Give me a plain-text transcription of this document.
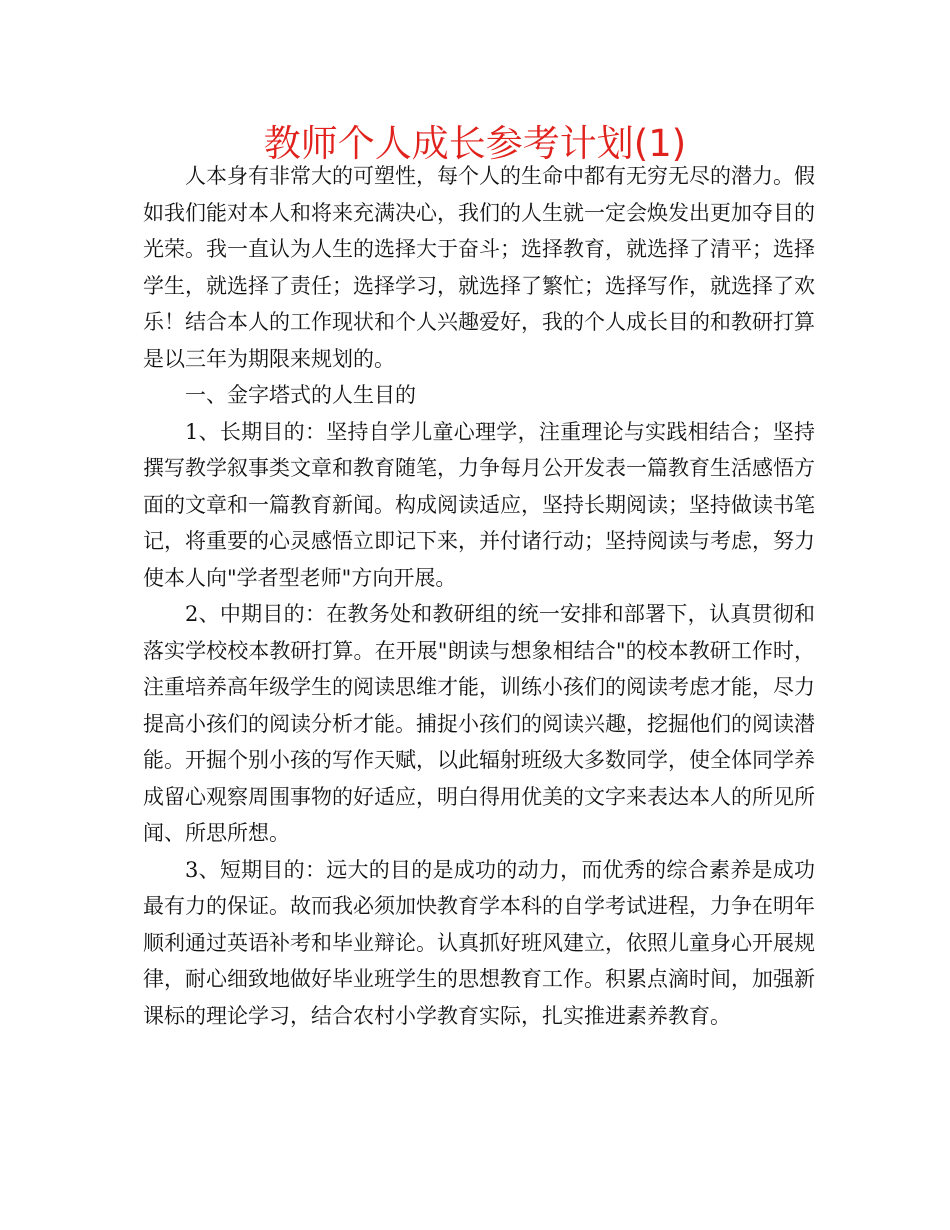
教师个人成长参考计划(1)

人本身有非常大的可塑性，每个人的生命中都有无穷无尽的潜力。假如我们能对本人和将来充满决心，我们的人生就一定会焕发出更加夺目的光荣。我一直认为人生的选择大于奋斗；选择教育，就选择了清平；选择学生，就选择了责任；选择学习，就选择了繁忙；选择写作，就选择了欢乐！结合本人的工作现状和个人兴趣爱好，我的个人成长目的和教研打算是以三年为期限来规划的。

一、金字塔式的人生目的

1、长期目的：坚持自学儿童心理学，注重理论与实践相结合；坚持撰写教学叙事类文章和教育随笔，力争每月公开发表一篇教育生活感悟方面的文章和一篇教育新闻。构成阅读适应，坚持长期阅读；坚持做读书笔记，将重要的心灵感悟立即记下来，并付诸行动；坚持阅读与考虑，努力使本人向"学者型老师"方向开展。

2、中期目的：在教务处和教研组的统一安排和部署下，认真贯彻和落实学校校本教研打算。在开展"朗读与想象相结合"的校本教研工作时，注重培养高年级学生的阅读思维才能，训练小孩们的阅读考虑才能，尽力提高小孩们的阅读分析才能。捕捉小孩们的阅读兴趣，挖掘他们的阅读潜能。开掘个别小孩的写作天赋，以此辐射班级大多数同学，使全体同学养成留心观察周围事物的好适应，明白得用优美的文字来表达本人的所见所闻、所思所想。

3、短期目的：远大的目的是成功的动力，而优秀的综合素养是成功最有力的保证。故而我必须加快教育学本科的自学考试进程，力争在明年顺利通过英语补考和毕业辩论。认真抓好班风建立，依照儿童身心开展规律，耐心细致地做好毕业班学生的思想教育工作。积累点滴时间，加强新课标的理论学习，结合农村小学教育实际，扎实推进素养教育。
